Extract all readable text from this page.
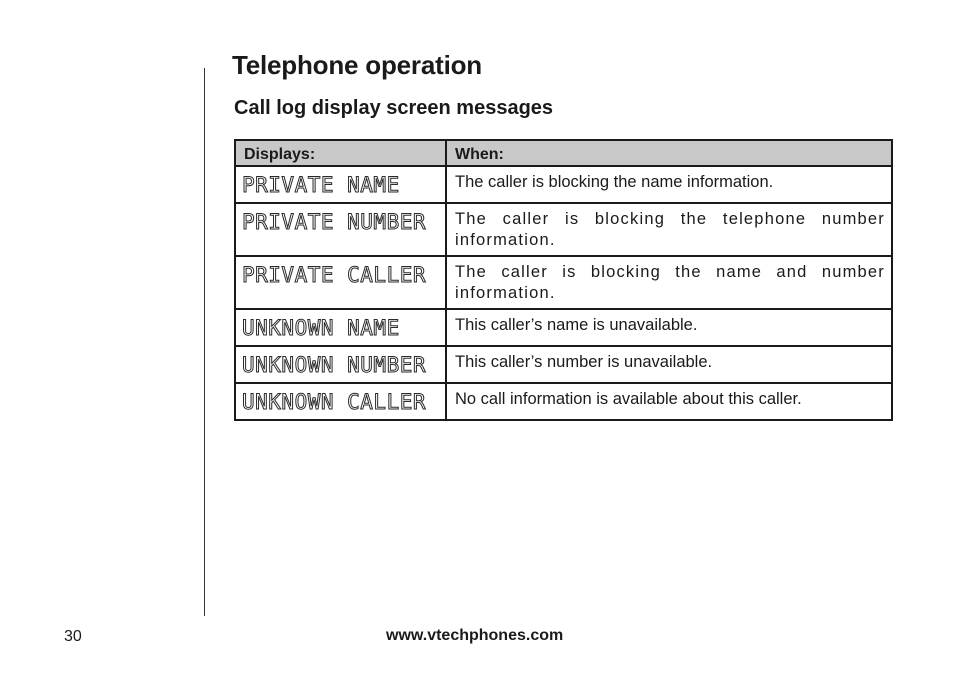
Telephone operation
Call log display screen messages
Displays:	When:
PRIVATE NAME	The caller is blocking the name information.
PRIVATE NUMBER	The caller is blocking the telephone number information.
PRIVATE CALLER	The caller is blocking the name and number information.
UNKNOWN NAME	This caller’s name is unavailable.
UNKNOWN NUMBER	This caller’s number is unavailable.
UNKNOWN CALLER	No call information is available about this caller.
30	www.vtechphones.com
